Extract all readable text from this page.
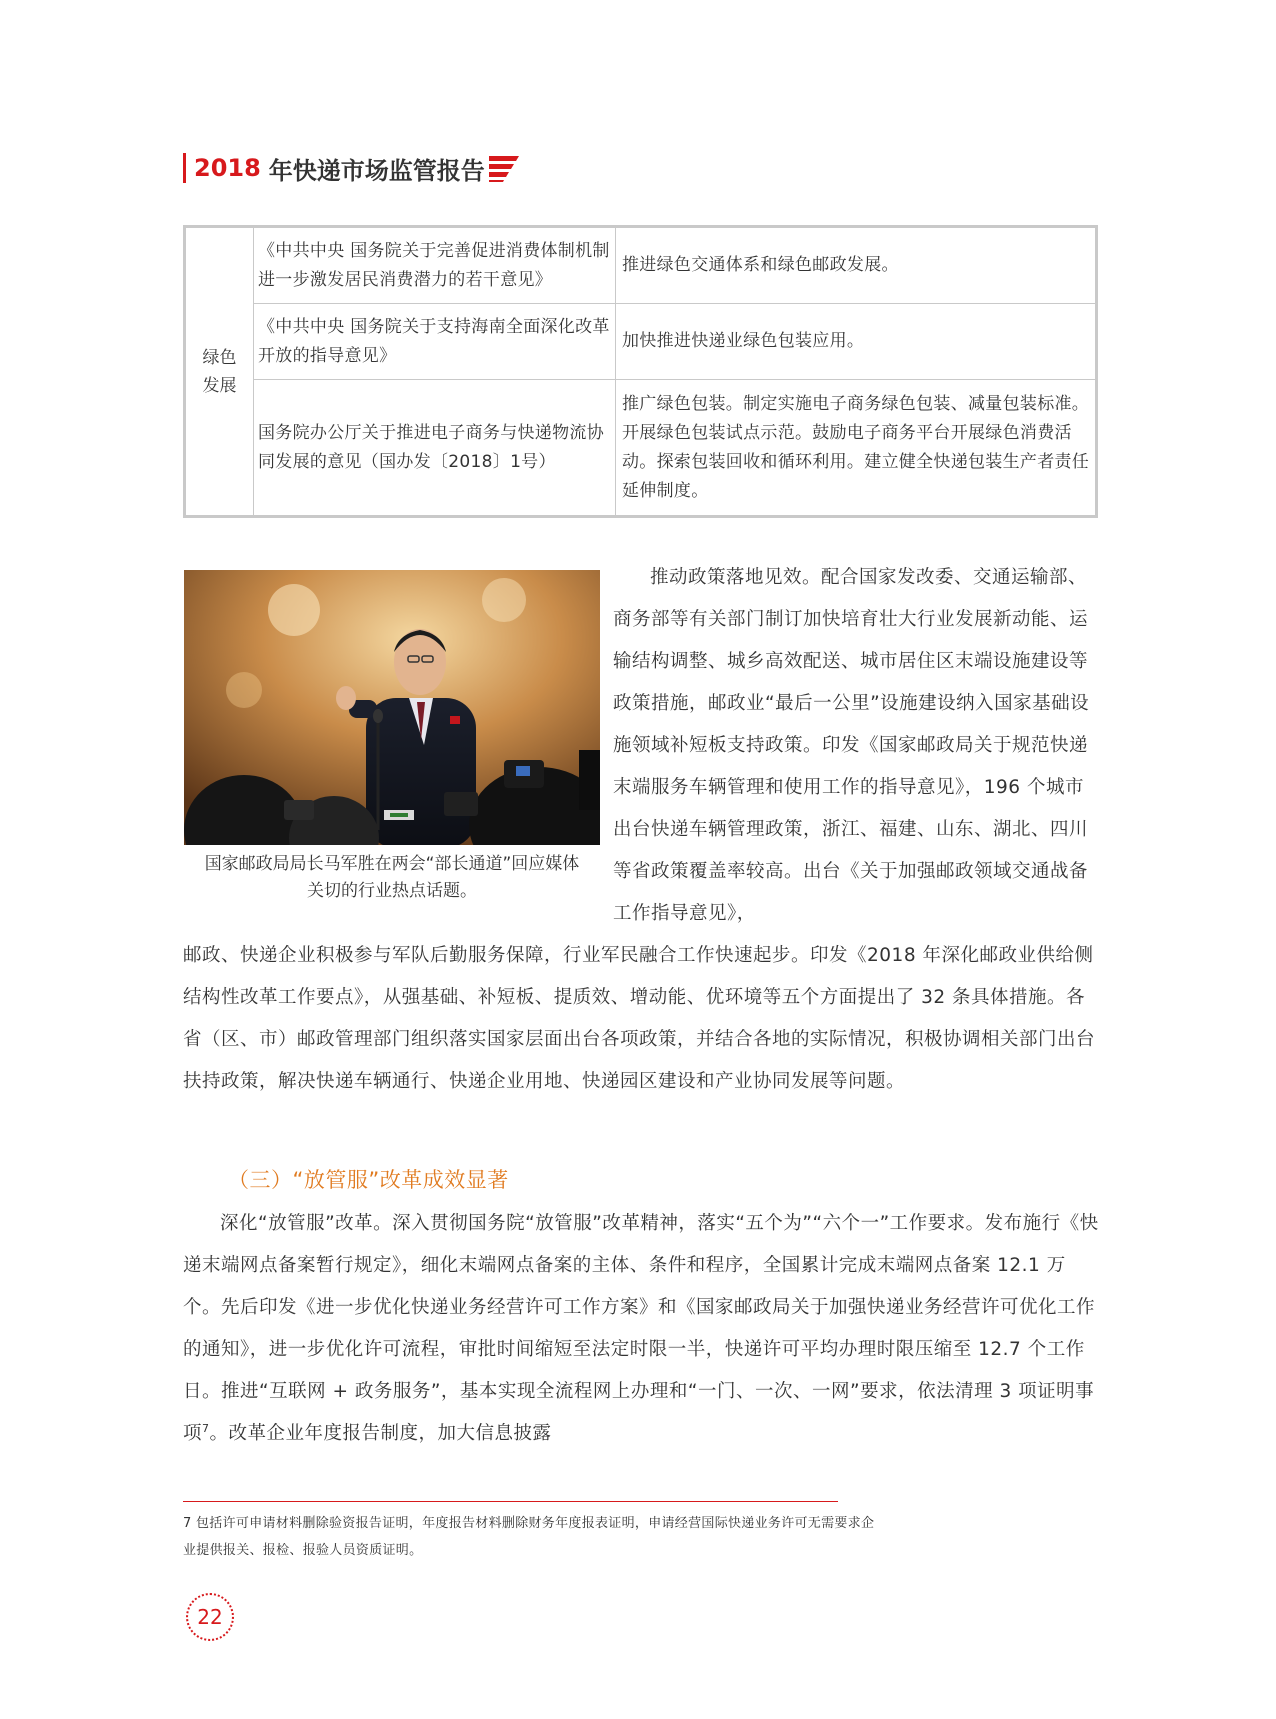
2018 年快递市场监管报告
绿色发展
《中共中央 国务院关于完善促进消费体制机制 进一步激发居民消费潜力的若干意见》
推进绿色交通体系和绿色邮政发展。
《中共中央 国务院关于支持海南全面深化改革开放的指导意见》
加快推进快递业绿色包装应用。
国务院办公厅关于推进电子商务与快递物流协同发展的意见（国办发〔2018〕1号）
推广绿色包装。制定实施电子商务绿色包装、减量包装标准。开展绿色包装试点示范。鼓励电子商务平台开展绿色消费活动。探索包装回收和循环利用。建立健全快递包装生产者责任延伸制度。
国家邮政局局长马军胜在两会“部长通道”回应媒体关切的行业热点话题。

推动政策落地见效。配合国家发改委、交通运输部、商务部等有关部门制订加快培育壮大行业发展新动能、运输结构调整、城乡高效配送、城市居住区末端设施建设等政策措施，邮政业“最后一公里”设施建设纳入国家基础设施领域补短板支持政策。印发《国家邮政局关于规范快递末端服务车辆管理和使用工作的指导意见》，196 个城市出台快递车辆管理政策，浙江、福建、山东、湖北、四川等省政策覆盖率较高。出台《关于加强邮政领域交通战备工作指导意见》，

邮政、快递企业积极参与军队后勤服务保障，行业军民融合工作快速起步。印发《2018 年深化邮政业供给侧结构性改革工作要点》，从强基础、补短板、提质效、增动能、优环境等五个方面提出了 32 条具体措施。各省（区、市）邮政管理部门组织落实国家层面出台各项政策，并结合各地的实际情况，积极协调相关部门出台扶持政策，解决快递车辆通行、快递企业用地、快递园区建设和产业协同发展等问题。

（三）“放管服”改革成效显著

深化“放管服”改革。深入贯彻国务院“放管服”改革精神，落实“五个为”“六个一”工作要求。发布施行《快递末端网点备案暂行规定》，细化末端网点备案的主体、条件和程序，全国累计完成末端网点备案 12.1 万个。先后印发《进一步优化快递业务经营许可工作方案》和《国家邮政局关于加强快递业务经营许可优化工作的通知》，进一步优化许可流程，审批时间缩短至法定时限一半，快递许可平均办理时限压缩至 12.7 个工作日。推进“互联网 + 政务服务”，基本实现全流程网上办理和“一门、一次、一网”要求，依法清理 3 项证明事项$^7$。改革企业年度报告制度，加大信息披露

7 包括许可申请材料删除验资报告证明，年度报告材料删除财务年度报表证明，申请经营国际快递业务许可无需要求企业提供报关、报检、报验人员资质证明。
22
